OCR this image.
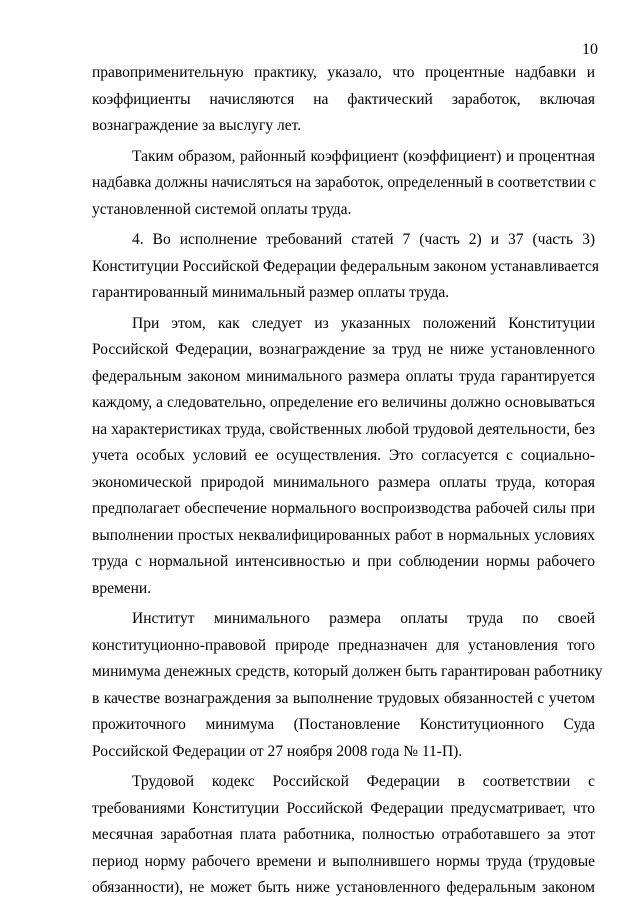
10

правоприменительную практику, указало, что процентные надбавки и
коэффициенты начисляются на фактический заработок, включая
вознаграждение за выслугу лет.

Таким образом, районный коэффициент (коэффициент) и процентная
надбавка должны начисляться на заработок, определенный в соответствии с
установленной системой оплаты труда.

4. Во исполнение требований статей 7 (часть 2) и 37 (часть 3)
Конституции Российской Федерации федеральным законом устанавливается
гарантированный минимальный размер оплаты труда.

При этом, как следует из указанных положений Конституции
Российской Федерации, вознаграждение за труд не ниже установленного
федеральным законом минимального размера оплаты труда гарантируется
каждому, а следовательно, определение его величины должно основываться
на характеристиках труда, свойственных любой трудовой деятельности, без
учета особых условий ее осуществления. Это согласуется с социально-
экономической природой минимального размера оплаты труда, которая
предполагает обеспечение нормального воспроизводства рабочей силы при
выполнении простых неквалифицированных работ в нормальных условиях
труда с нормальной интенсивностью и при соблюдении нормы рабочего
времени.

Институт минимального размера оплаты труда по своей
конституционно-правовой природе предназначен для установления того
минимума денежных средств, который должен быть гарантирован работнику
в качестве вознаграждения за выполнение трудовых обязанностей с учетом
прожиточного минимума (Постановление Конституционного Суда
Российской Федерации от 27 ноября 2008 года № 11-П).

Трудовой кодекс Российской Федерации в соответствии с
требованиями Конституции Российской Федерации предусматривает, что
месячная заработная плата работника, полностью отработавшего за этот
период норму рабочего времени и выполнившего нормы труда (трудовые
обязанности), не может быть ниже установленного федеральным законом
